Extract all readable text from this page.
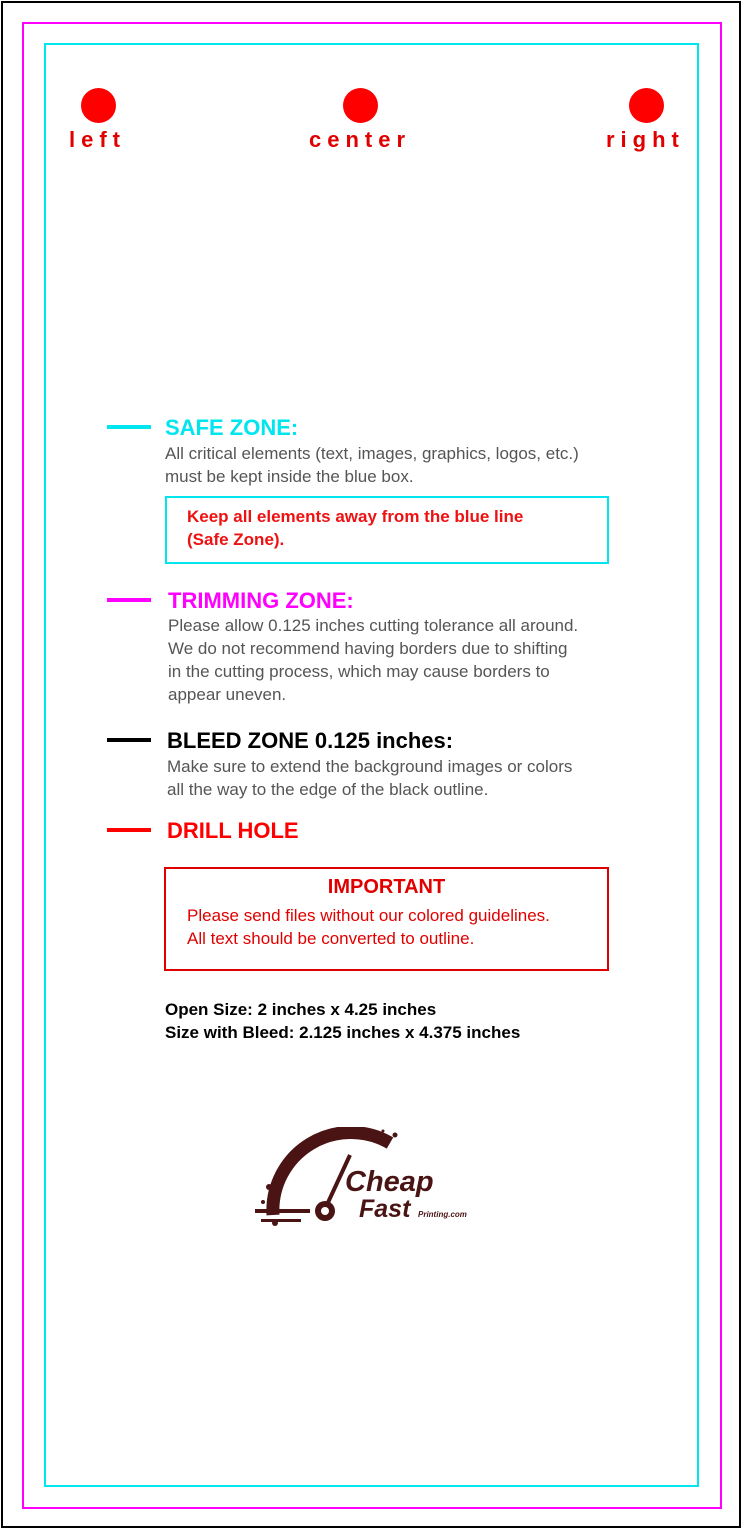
left	center	right
SAFE ZONE:
All critical elements (text, images, graphics, logos, etc.)
must be kept inside the blue box.
Keep all elements away from the blue line
(Safe Zone).
TRIMMING ZONE:
Please allow 0.125 inches cutting tolerance all around.
We do not recommend having borders due to shifting
in the cutting process, which may cause borders to
appear uneven.
BLEED ZONE 0.125 inches:
Make sure to extend the background images or colors
all the way to the edge of the black outline.
DRILL HOLE
IMPORTANT
Please send files without our colored guidelines.
All text should be converted to outline.
Open Size: 2 inches x 4.25 inches
Size with Bleed: 2.125 inches x 4.375 inches
Cheap
Fast Printing.com
